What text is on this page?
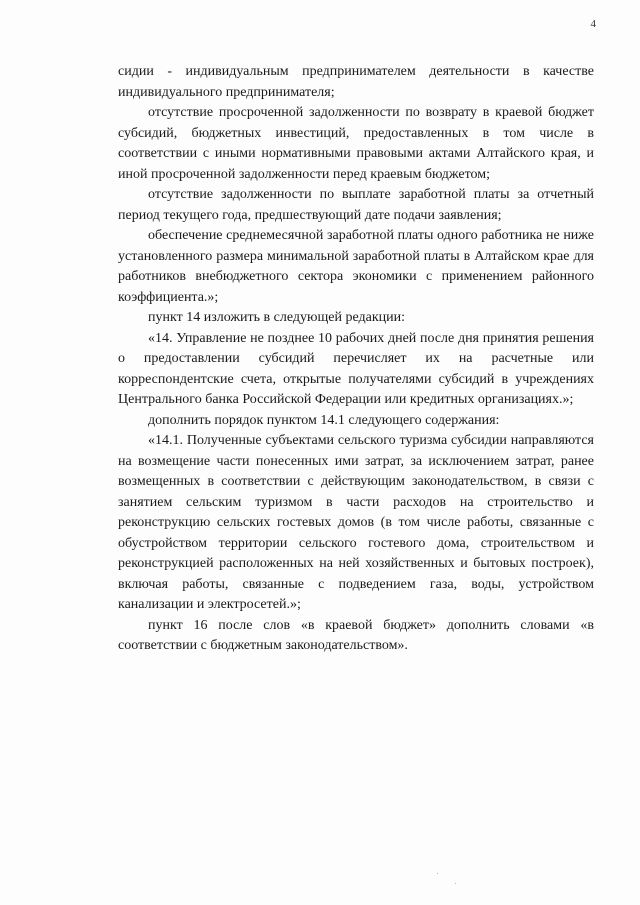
4

сидии - индивидуальным предпринимателем деятельности в качестве индивидуального предпринимателя;

отсутствие просроченной задолженности по возврату в краевой бюджет субсидий, бюджетных инвестиций, предоставленных в том числе в соответствии с иными нормативными правовыми актами Алтайского края, и иной просроченной задолженности перед краевым бюджетом;

отсутствие задолженности по выплате заработной платы за отчетный период текущего года, предшествующий дате подачи заявления;

обеспечение среднемесячной заработной платы одного работника не ниже установленного размера минимальной заработной платы в Алтайском крае для работников внебюджетного сектора экономики с применением районного коэффициента.»;

пункт 14 изложить в следующей редакции:

«14. Управление не позднее 10 рабочих дней после дня принятия решения о предоставлении субсидий перечисляет их на расчетные или корреспондентские счета, открытые получателями субсидий в учреждениях Центрального банка Российской Федерации или кредитных организациях.»;

дополнить порядок пунктом 14.1 следующего содержания:

«14.1. Полученные субъектами сельского туризма субсидии направляются на возмещение части понесенных ими затрат, за исключением затрат, ранее возмещенных в соответствии с действующим законодательством, в связи с занятием сельским туризмом в части расходов на строительство и реконструкцию сельских гостевых домов (в том числе работы, связанные с обустройством территории сельского гостевого дома, строительством и реконструкцией расположенных на ней хозяйственных и бытовых построек), включая работы, связанные с подведением газа, воды, устройством канализации и электросетей.»;

пункт 16 после слов «в краевой бюджет» дополнить словами «в соответствии с бюджетным законодательством».
